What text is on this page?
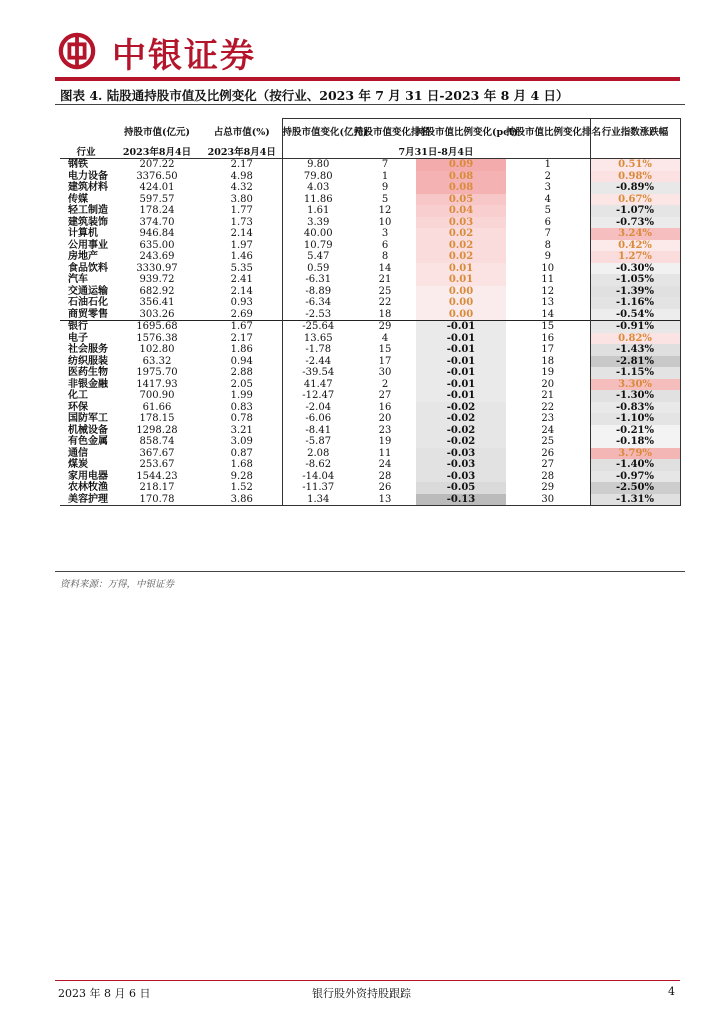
中银证券
图表 4. 陆股通持股市值及比例变化（按行业、2023 年 7 月 31 日-2023 年 8 月 4 日）
	持股市值(亿元)	占总市值(%)	持股市值变化(亿元)	持股市值变化排名	持股市值比例变化(pct)	持股市值比例变化排名	行业指数涨跌幅
行业	2023年8月4日	2023年8月4日	7月31日-8月4日				
钢铁	207.22	2.17	9.80	7	0.09	1	0.51%
电力设备	3376.50	4.98	79.80	1	0.08	2	0.98%
建筑材料	424.01	4.32	4.03	9	0.08	3	-0.89%
传媒	597.57	3.80	11.86	5	0.05	4	0.67%
轻工制造	178.24	1.77	1.61	12	0.04	5	-1.07%
建筑装饰	374.70	1.73	3.39	10	0.03	6	-0.73%
计算机	946.84	2.14	40.00	3	0.02	7	3.24%
公用事业	635.00	1.97	10.79	6	0.02	8	0.42%
房地产	243.69	1.46	5.47	8	0.02	9	1.27%
食品饮料	3330.97	5.35	0.59	14	0.01	10	-0.30%
汽车	939.72	2.41	-6.31	21	0.01	11	-1.05%
交通运输	682.92	2.14	-8.89	25	0.00	12	-1.39%
石油石化	356.41	0.93	-6.34	22	0.00	13	-1.16%
商贸零售	303.26	2.69	-2.53	18	0.00	14	-0.54%
银行	1695.68	1.67	-25.64	29	-0.01	15	-0.91%
电子	1576.38	2.17	13.65	4	-0.01	16	0.82%
社会服务	102.80	1.86	-1.78	15	-0.01	17	-1.43%
纺织服装	63.32	0.94	-2.44	17	-0.01	18	-2.81%
医药生物	1975.70	2.88	-39.54	30	-0.01	19	-1.15%
非银金融	1417.93	2.05	41.47	2	-0.01	20	3.30%
化工	700.90	1.99	-12.47	27	-0.01	21	-1.30%
环保	61.66	0.83	-2.04	16	-0.02	22	-0.83%
国防军工	178.15	0.78	-6.06	20	-0.02	23	-1.10%
机械设备	1298.28	3.21	-8.41	23	-0.02	24	-0.21%
有色金属	858.74	3.09	-5.87	19	-0.02	25	-0.18%
通信	367.67	0.87	2.08	11	-0.03	26	3.79%
煤炭	253.67	1.68	-8.62	24	-0.03	27	-1.40%
家用电器	1544.23	9.28	-14.04	28	-0.03	28	-0.97%
农林牧渔	218.17	1.52	-11.37	26	-0.05	29	-2.50%
美容护理	170.78	3.86	1.34	13	-0.13	30	-1.31%
资料来源：万得，中银证券
2023 年 8 月 6 日	银行股外资持股跟踪	4
